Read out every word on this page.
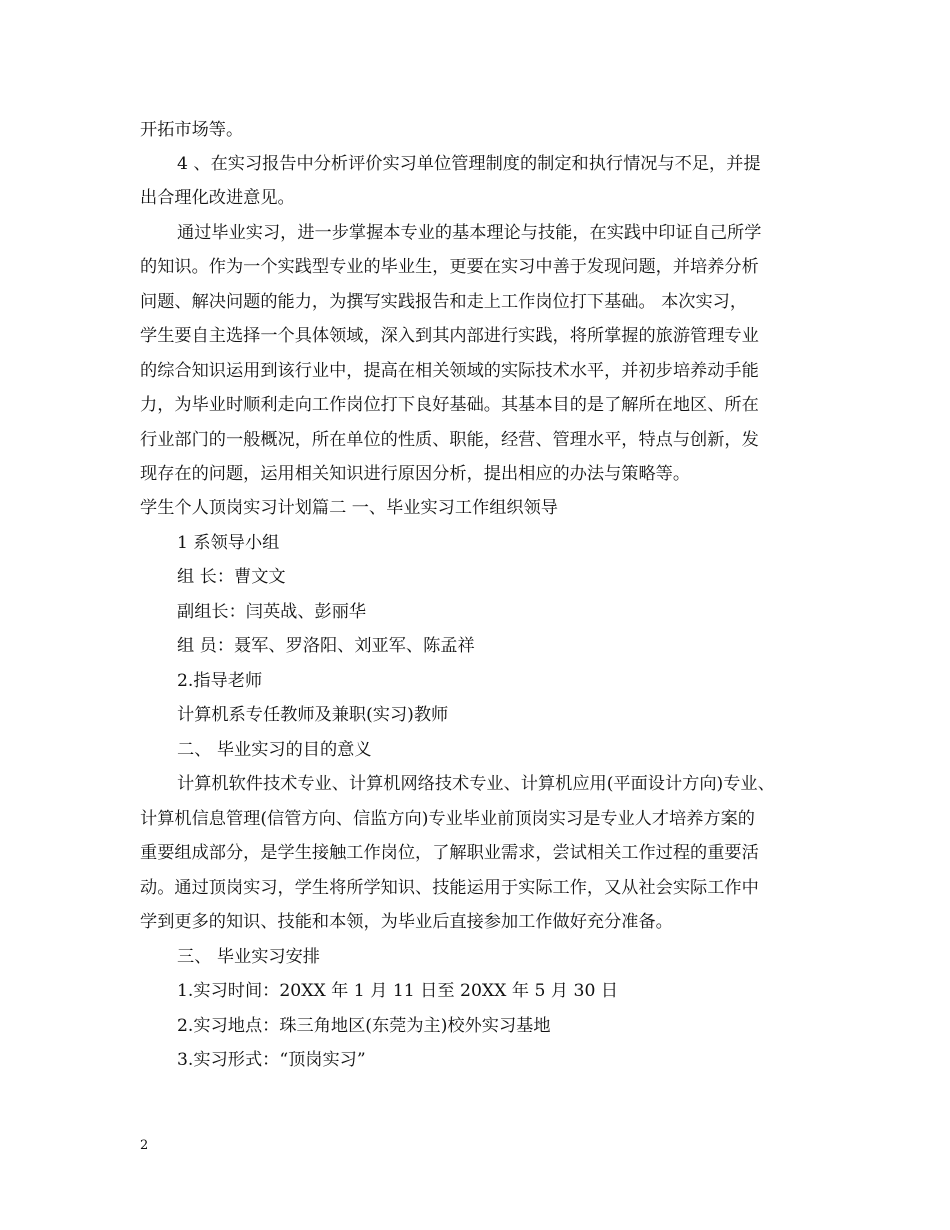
开拓市场等。
4 、在实习报告中分析评价实习单位管理制度的制定和执行情况与不足，并提
出合理化改进意见。
通过毕业实习，进一步掌握本专业的基本理论与技能，在实践中印证自己所学
的知识。作为一个实践型专业的毕业生，更要在实习中善于发现问题，并培养分析
问题、解决问题的能力，为撰写实践报告和走上工作岗位打下基础。 本次实习，
学生要自主选择一个具体领域，深入到其内部进行实践，将所掌握的旅游管理专业
的综合知识运用到该行业中，提高在相关领域的实际技术水平，并初步培养动手能
力，为毕业时顺利走向工作岗位打下良好基础。其基本目的是了解所在地区、所在
行业部门的一般概况，所在单位的性质、职能，经营、管理水平，特点与创新，发
现存在的问题，运用相关知识进行原因分析，提出相应的办法与策略等。
学生个人顶岗实习计划篇二 一、毕业实习工作组织领导
1 系领导小组
组 长：曹文文
副组长：闫英战、彭丽华
组 员：聂军、罗洛阳、刘亚军、陈孟祥
2.指导老师
计算机系专任教师及兼职(实习)教师
二、 毕业实习的目的意义
计算机软件技术专业、计算机网络技术专业、计算机应用(平面设计方向)专业、
计算机信息管理(信管方向、信监方向)专业毕业前顶岗实习是专业人才培养方案的
重要组成部分，是学生接触工作岗位，了解职业需求，尝试相关工作过程的重要活
动。通过顶岗实习，学生将所学知识、技能运用于实际工作，又从社会实际工作中
学到更多的知识、技能和本领，为毕业后直接参加工作做好充分准备。
三、 毕业实习安排
1.实习时间：20XX 年 1 月 11 日至 20XX 年 5 月 30 日
2.实习地点：珠三角地区(东莞为主)校外实习基地
3.实习形式：“顶岗实习”
2
